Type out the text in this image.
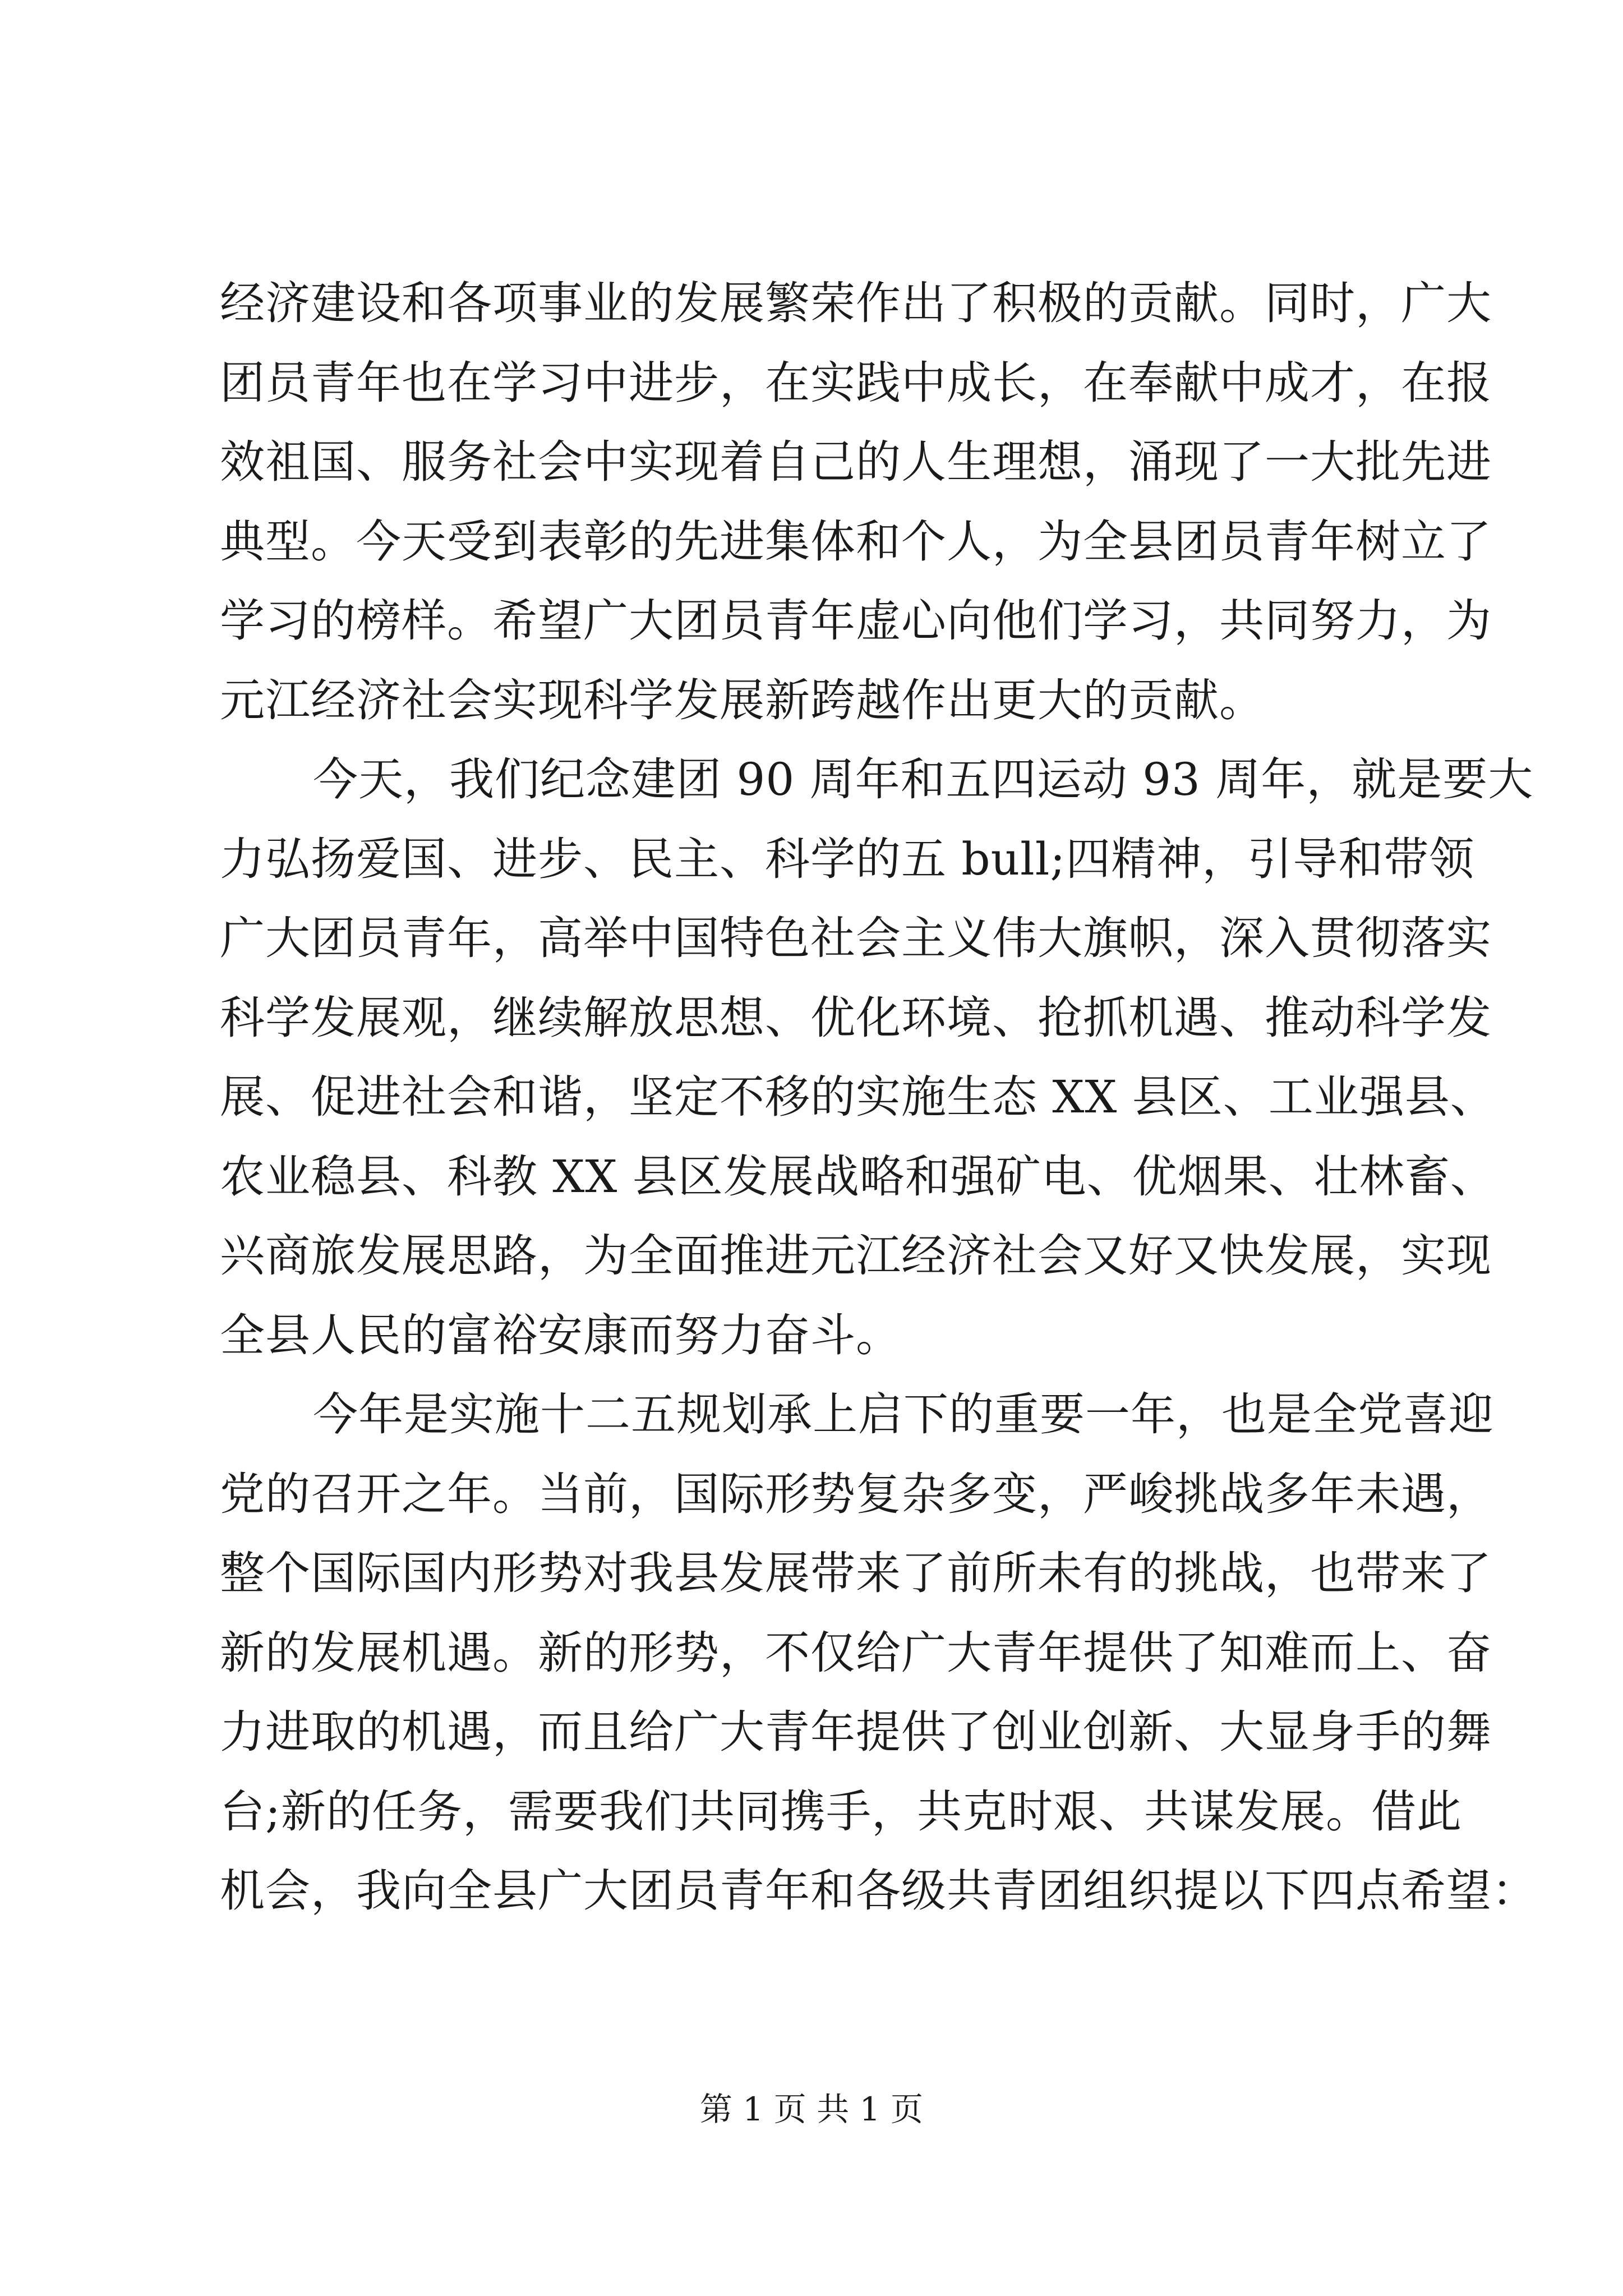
经济建设和各项事业的发展繁荣作出了积极的贡献。同时，广大
团员青年也在学习中进步，在实践中成长，在奉献中成才，在报
效祖国、服务社会中实现着自己的人生理想，涌现了一大批先进
典型。今天受到表彰的先进集体和个人，为全县团员青年树立了
学习的榜样。希望广大团员青年虚心向他们学习，共同努力，为
元江经济社会实现科学发展新跨越作出更大的贡献。
今天，我们纪念建团 90 周年和五四运动 93 周年，就是要大
力弘扬爱国、进步、民主、科学的五 bull;四精神，引导和带领
广大团员青年，高举中国特色社会主义伟大旗帜，深入贯彻落实
科学发展观，继续解放思想、优化环境、抢抓机遇、推动科学发
展、促进社会和谐，坚定不移的实施生态 XX 县区、工业强县、
农业稳县、科教 XX 县区发展战略和强矿电、优烟果、壮林畜、
兴商旅发展思路，为全面推进元江经济社会又好又快发展，实现
全县人民的富裕安康而努力奋斗。
今年是实施十二五规划承上启下的重要一年，也是全党喜迎
党的召开之年。当前，国际形势复杂多变，严峻挑战多年未遇，
整个国际国内形势对我县发展带来了前所未有的挑战，也带来了
新的发展机遇。新的形势，不仅给广大青年提供了知难而上、奋
力进取的机遇，而且给广大青年提供了创业创新、大显身手的舞
台;新的任务，需要我们共同携手，共克时艰、共谋发展。借此
机会，我向全县广大团员青年和各级共青团组织提以下四点希望：
第 1 页 共 1 页
